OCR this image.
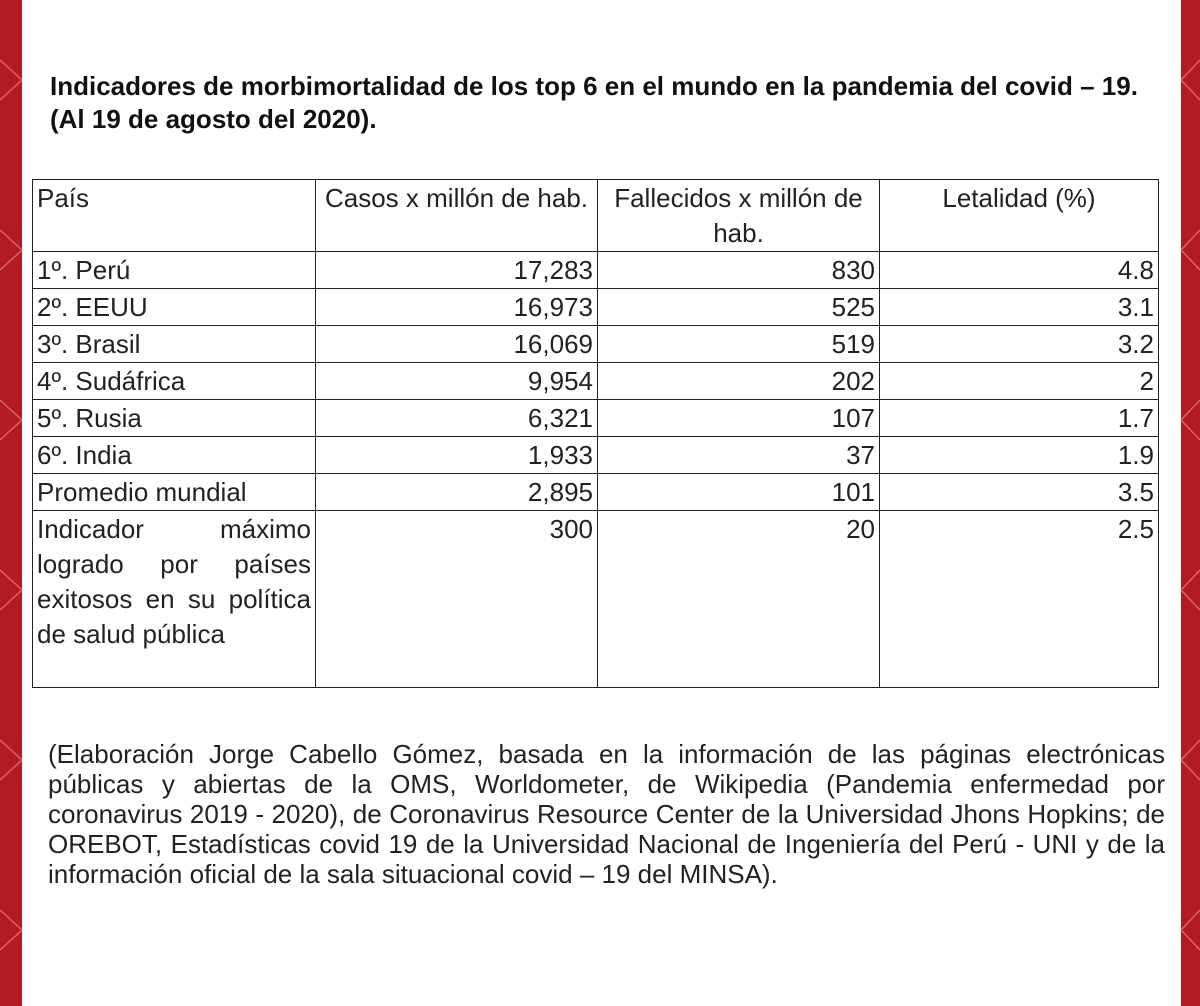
Indicadores de morbimortalidad de los top 6 en el mundo en la pandemia del covid – 19. (Al 19 de agosto del 2020).

País	Casos x millón de hab.	Fallecidos x millón de hab.	Letalidad (%)
1º. Perú	17,283	830	4.8
2º. EEUU	16,973	525	3.1
3º. Brasil	16,069	519	3.2
4º. Sudáfrica	9,954	202	2
5º. Rusia	6,321	107	1.7
6º. India	1,933	37	1.9
Promedio mundial	2,895	101	3.5
Indicador máximo logrado por países exitosos en su política de salud pública	300	20	2.5

(Elaboración Jorge Cabello Gómez, basada en la información de las páginas electrónicas públicas y abiertas de la OMS, Worldometer, de Wikipedia (Pandemia enfermedad por coronavirus 2019 - 2020), de Coronavirus Resource Center de la Universidad Jhons Hopkins; de OREBOT, Estadísticas covid 19 de la Universidad Nacional de Ingeniería del Perú - UNI y de la información oficial de la sala situacional covid – 19 del MINSA).
